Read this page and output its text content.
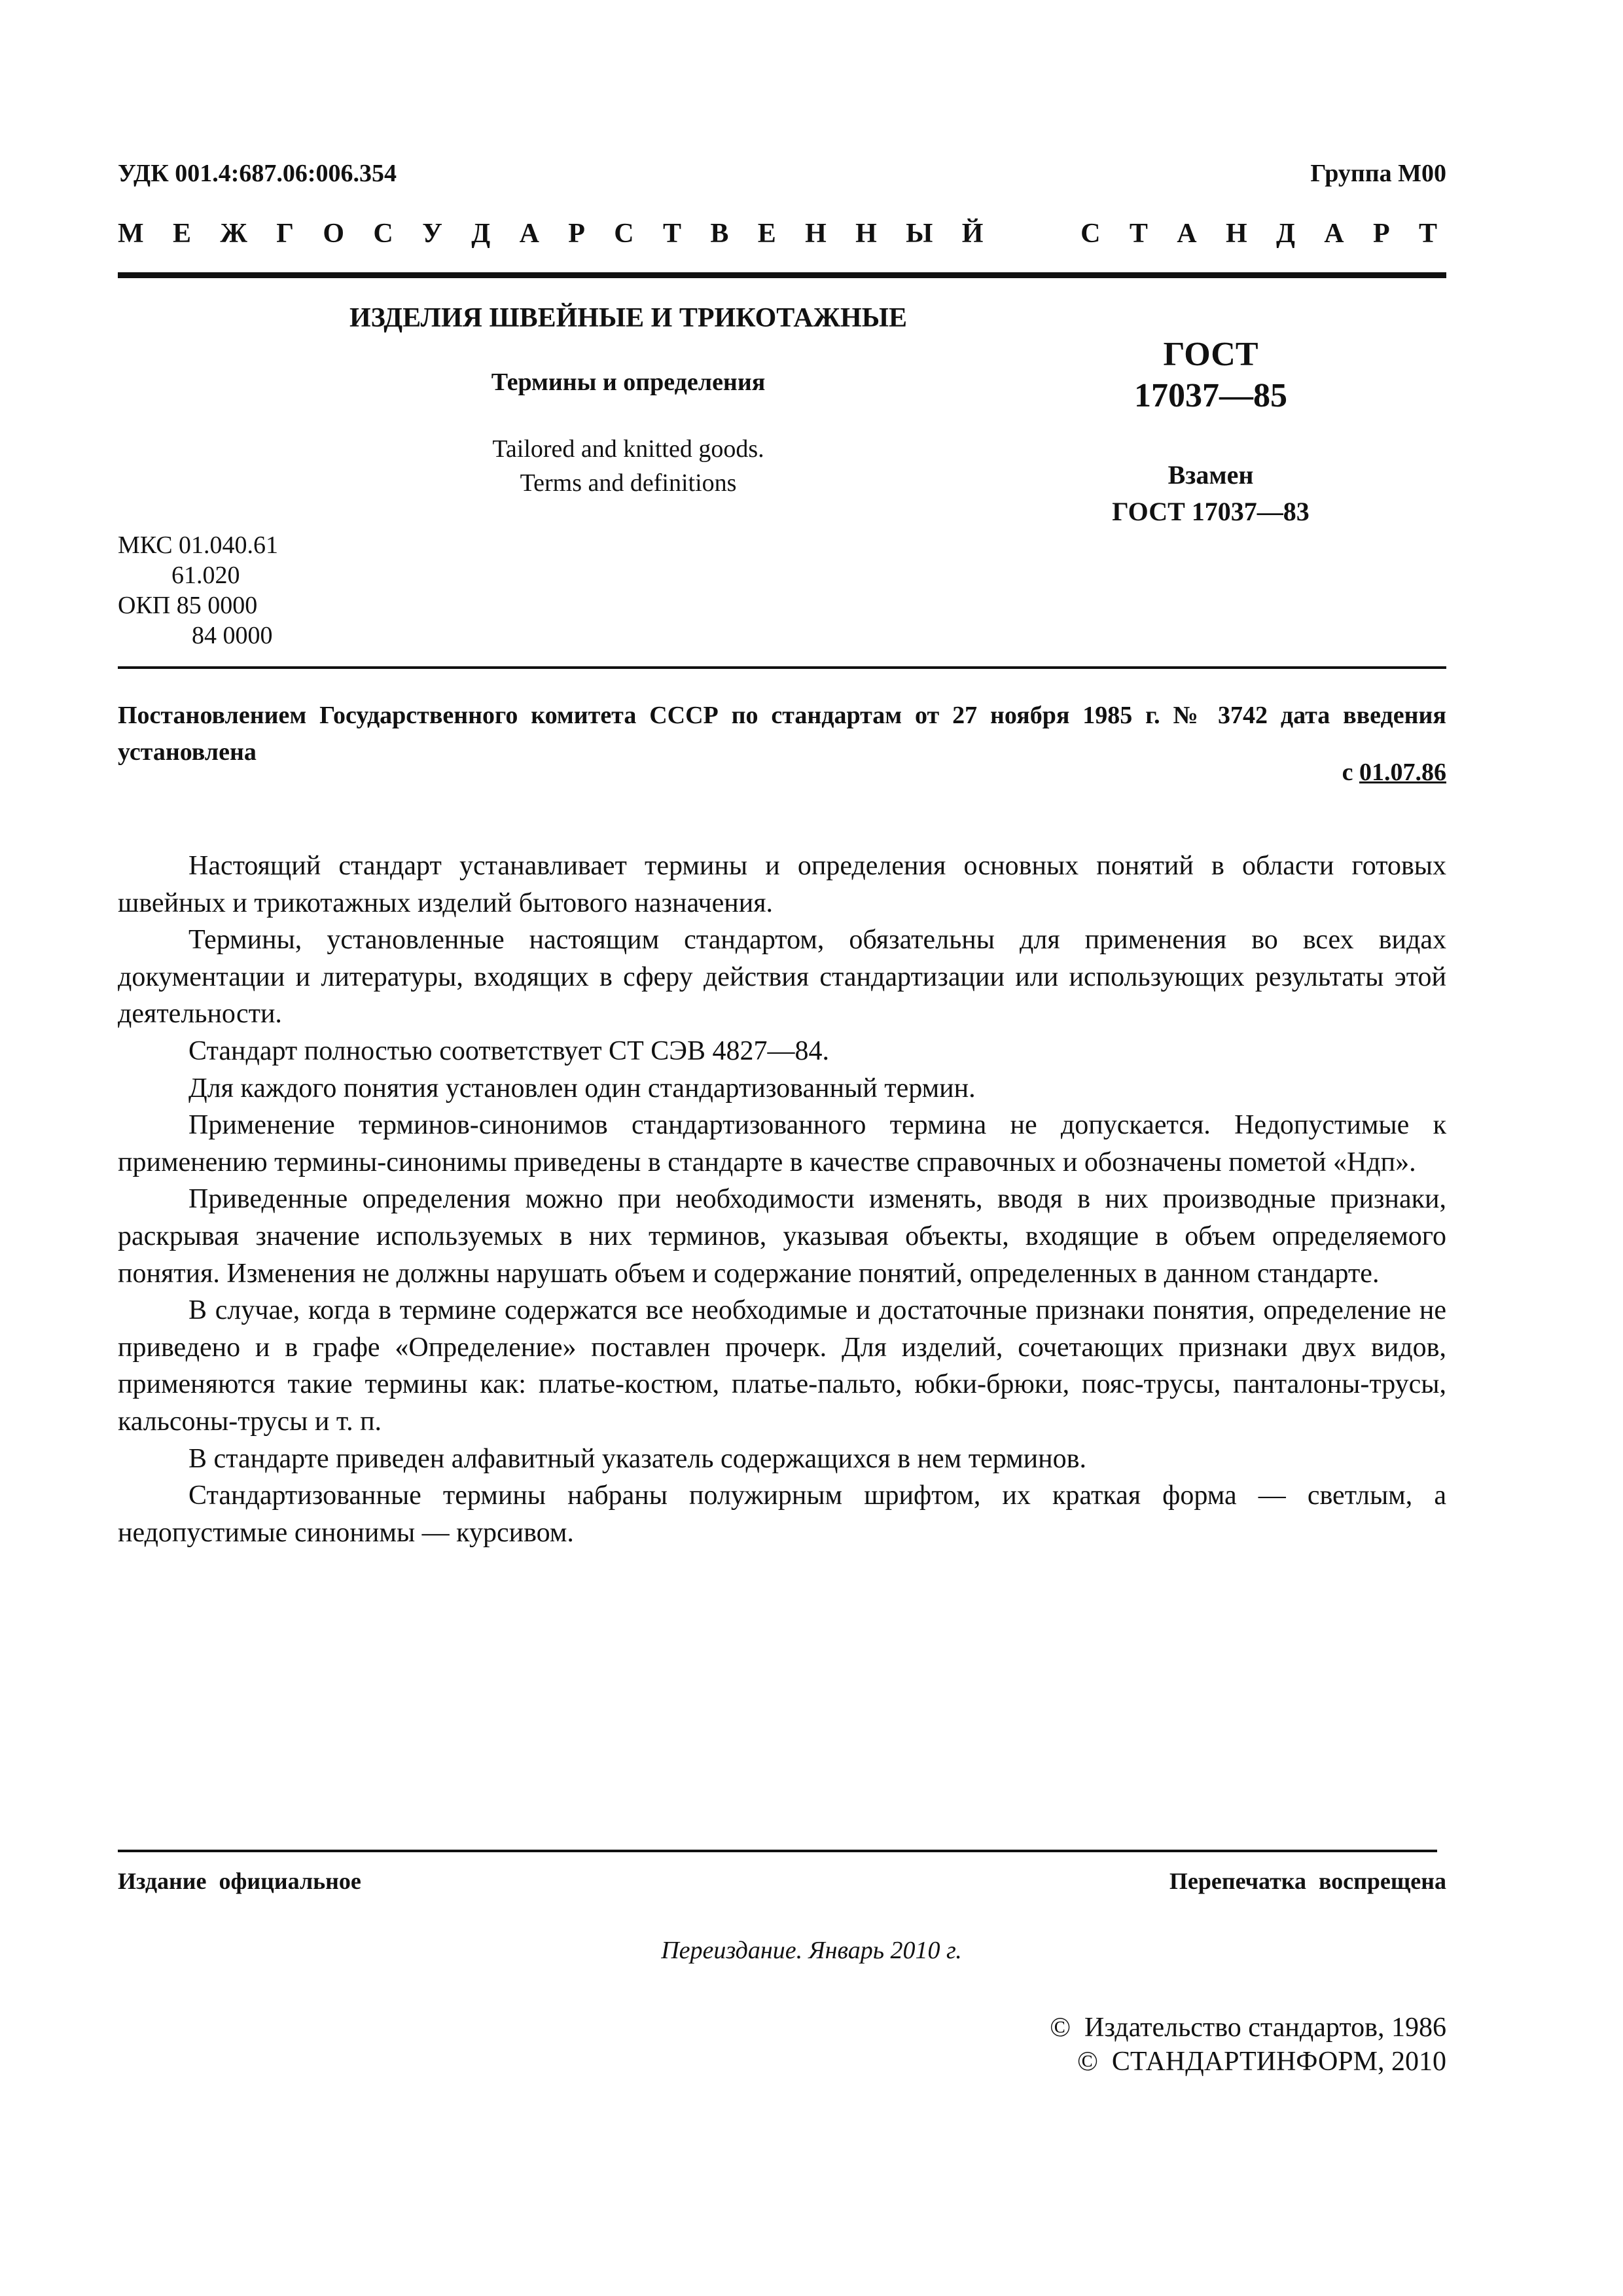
УДК 001.4:687.06:006.354	Группа М00
М Е Ж Г О С У Д А Р С Т В Е Н Н Ы Й	С Т А Н Д А Р Т
ИЗДЕЛИЯ ШВЕЙНЫЕ И ТРИКОТАЖНЫЕ
Термины и определения
Tailored and knitted goods.
Terms and definitions
ГОСТ
17037—85
Взамен
ГОСТ 17037—83
МКС 01.040.61
61.020
ОКП 85 0000
84 0000
Постановлением Государственного комитета СССР по стандартам от 27 ноября 1985 г. № 3742 дата введения установлена
с 01.07.86

Настоящий стандарт устанавливает термины и определения основных понятий в области готовых швейных и трикотажных изделий бытового назначения.

Термины, установленные настоящим стандартом, обязательны для применения во всех видах документации и литературы, входящих в сферу действия стандартизации или использующих результаты этой деятельности.

Стандарт полностью соответствует СТ СЭВ 4827—84.

Для каждого понятия установлен один стандартизованный термин.

Применение терминов-синонимов стандартизованного термина не допускается. Недопустимые к применению термины-синонимы приведены в стандарте в качестве справочных и обозначены пометой «Ндп».

Приведенные определения можно при необходимости изменять, вводя в них производные признаки, раскрывая значение используемых в них терминов, указывая объекты, входящие в объем определяемого понятия. Изменения не должны нарушать объем и содержание понятий, определенных в данном стандарте.

В случае, когда в термине содержатся все необходимые и достаточные признаки понятия, определение не приведено и в графе «Определение» поставлен прочерк. Для изделий, сочетающих признаки двух видов, применяются такие термины как: платье-костюм, платье-пальто, юбки-брюки, пояс-трусы, панталоны-трусы, кальсоны-трусы и т. п.

В стандарте приведен алфавитный указатель содержащихся в нем терминов.

Стандартизованные термины набраны полужирным шрифтом, их краткая форма — светлым, а недопустимые синонимы — курсивом.

Издание официальное	Перепечатка воспрещена
Переиздание. Январь 2010 г.
©  Издательство стандартов, 1986
©  СТАНДАРТИНФОРМ, 2010
